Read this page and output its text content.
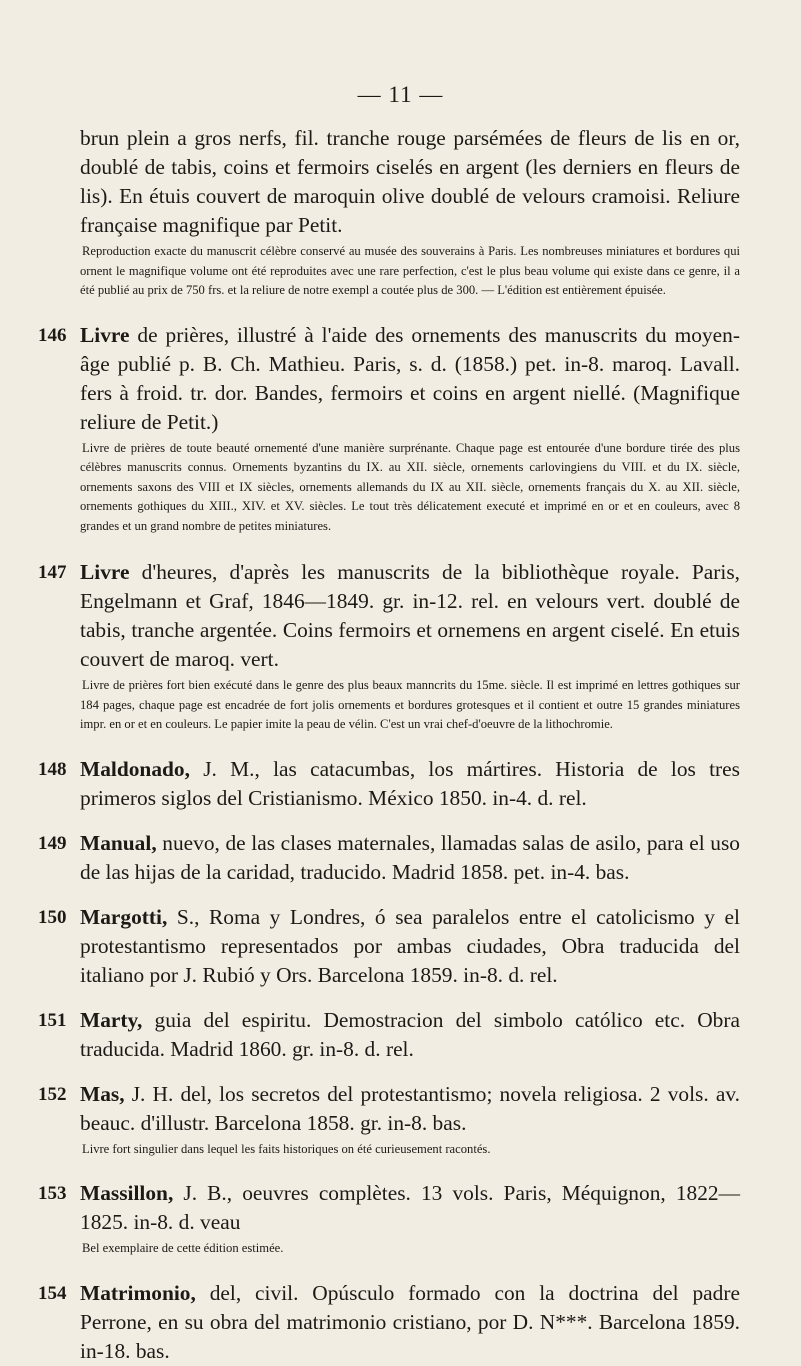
— 11 —

brun plein a gros nerfs, fil. tranche rouge parsémées de fleurs de lis en or, doublé de tabis, coins et fermoirs ciselés en argent (les derniers en fleurs de lis). En étuis couvert de maroquin olive doublé de velours cramoisi. Reliure française magnifique par Petit.

Reproduction exacte du manuscrit célèbre conservé au musée des souverains à Paris. Les nombreuses miniatures et bordures qui ornent le magnifique volume ont été reproduites avec une rare perfection, c'est le plus beau volume qui existe dans ce genre, il a été publié au prix de 750 frs. et la reliure de notre exempl a coutée plus de 300. — L'édition est entièrement épuisée.

146 Livre de prières, illustré à l'aide des ornements des manuscrits du moyen-âge publié p. B. Ch. Mathieu. Paris, s. d. (1858.) pet. in-8. maroq. Lavall. fers à froid. tr. dor. Bandes, fermoirs et coins en argent niellé. (Magnifique reliure de Petit.)

Livre de prières de toute beauté ornementé d'une manière surprénante. Chaque page est entourée d'une bordure tirée des plus célèbres manuscrits connus. Ornements byzantins du IX. au XII. siècle, ornements carlovingiens du VIII. et du IX. siècle, ornements saxons des VIII et IX siècles, ornements allemands du IX au XII. siècle, ornements français du X. au XII. siècle, ornements gothiques du XIII., XIV. et XV. siècles. Le tout très délicatement executé et imprimé en or et en couleurs, avec 8 grandes et un grand nombre de petites miniatures.

147 Livre d'heures, d'après les manuscrits de la bibliothèque royale. Paris, Engelmann et Graf, 1846—1849. gr. in-12. rel. en velours vert. doublé de tabis, tranche argentée. Coins fermoirs et ornemens en argent ciselé. En etuis couvert de maroq. vert.

Livre de prières fort bien exécuté dans le genre des plus beaux manncrits du 15me. siècle. Il est imprimé en lettres gothiques sur 184 pages, chaque page est encadrée de fort jolis ornements et bordures grotesques et il contient et outre 15 grandes miniatures impr. en or et en couleurs. Le papier imite la peau de vélin. C'est un vrai chef-d'oeuvre de la lithochromie.

148 Maldonado, J. M., las catacumbas, los mártires. Historia de los tres primeros siglos del Cristianismo. México 1850. in-4. d. rel.

149 Manual, nuevo, de las clases maternales, llamadas salas de asilo, para el uso de las hijas de la caridad, traducido. Madrid 1858. pet. in-4. bas.

150 Margotti, S., Roma y Londres, ó sea paralelos entre el catolicismo y el protestantismo representados por ambas ciudades, Obra traducida del italiano por J. Rubió y Ors. Barcelona 1859. in-8. d. rel.

151 Marty, guia del espiritu. Demostracion del simbolo católico etc. Obra traducida. Madrid 1860. gr. in-8. d. rel.

152 Mas, J. H. del, los secretos del protestantismo; novela religiosa. 2 vols. av. beauc. d'illustr. Barcelona 1858. gr. in-8. bas.

Livre fort singulier dans lequel les faits historiques on été curieusement racontés.

153 Massillon, J. B., oeuvres complètes. 13 vols. Paris, Méquignon, 1822—1825. in-8. d. veau

Bel exemplaire de cette édition estimée.

154 Matrimonio, del, civil. Opúsculo formado con la doctrina del padre Perrone, en su obra del matrimonio cristiano, por D. N***. Barcelona 1859. in-18. bas.
